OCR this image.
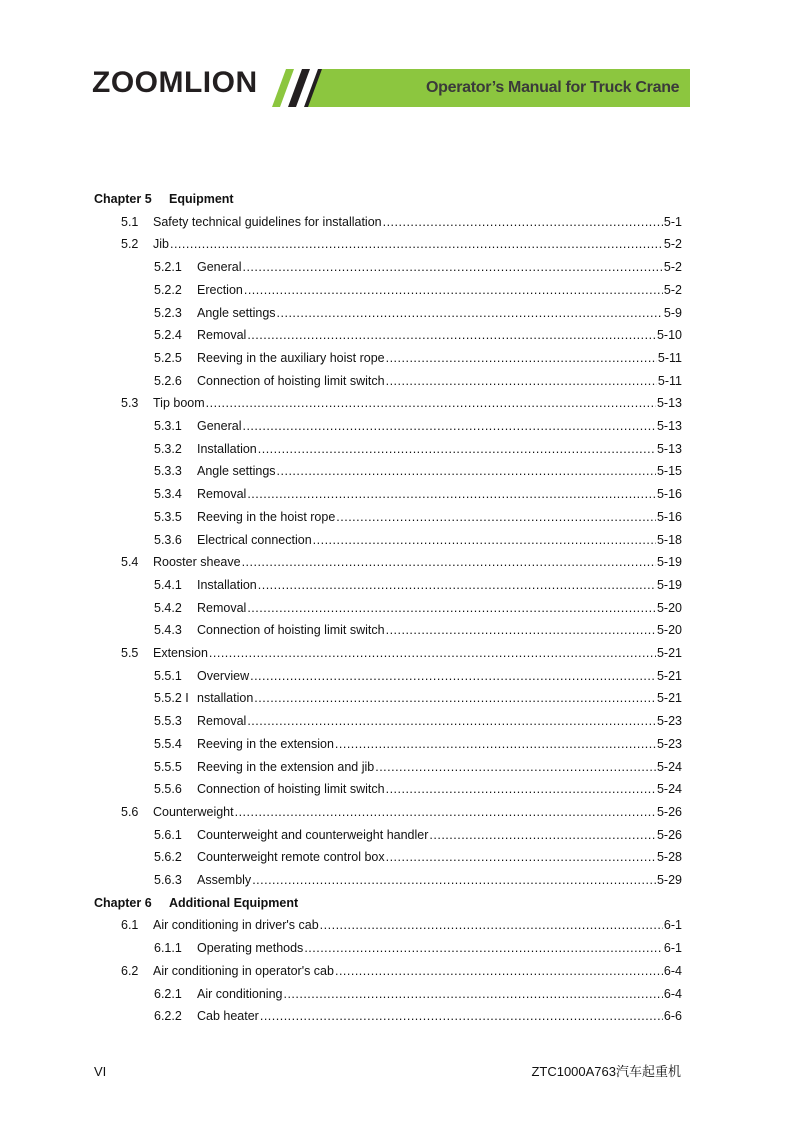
ZOOMLION	Operator’s Manual for Truck Crane
Chapter 5 Equipment
5.1 Safety technical guidelines for installation .....	5-1
5.2 Jib .....	5-2
5.2.1 General .....	5-2
5.2.2 Erection .....	5-2
5.2.3 Angle settings .....	5-9
5.2.4 Removal .....	5-10
5.2.5 Reeving in the auxiliary hoist rope .....	5-11
5.2.6 Connection of hoisting limit switch .....	5-11
5.3 Tip boom .....	5-13
5.3.1 General .....	5-13
5.3.2 Installation .....	5-13
5.3.3 Angle settings .....	5-15
5.3.4 Removal .....	5-16
5.3.5 Reeving in the hoist rope .....	5-16
5.3.6 Electrical connection .....	5-18
5.4 Rooster sheave .....	5-19
5.4.1 Installation .....	5-19
5.4.2 Removal .....	5-20
5.4.3 Connection of hoisting limit switch .....	5-20
5.5 Extension .....	5-21
5.5.1 Overview .....	5-21
5.5.2 I nstallation .....	5-21
5.5.3 Removal .....	5-23
5.5.4 Reeving in the extension .....	5-23
5.5.5 Reeving in the extension and jib .....	5-24
5.5.6 Connection of hoisting limit switch .....	5-24
5.6 Counterweight .....	5-26
5.6.1 Counterweight and counterweight handler .....	5-26
5.6.2 Counterweight remote control box .....	5-28
5.6.3 Assembly .....	5-29
Chapter 6 Additional Equipment
6.1 Air conditioning in driver's cab .....	6-1
6.1.1 Operating methods .....	6-1
6.2 Air conditioning in operator's cab .....	6-4
6.2.1 Air conditioning .....	6-4
6.2.2 Cab heater .....	6-6
VI	ZTC1000A763汽车起重机
